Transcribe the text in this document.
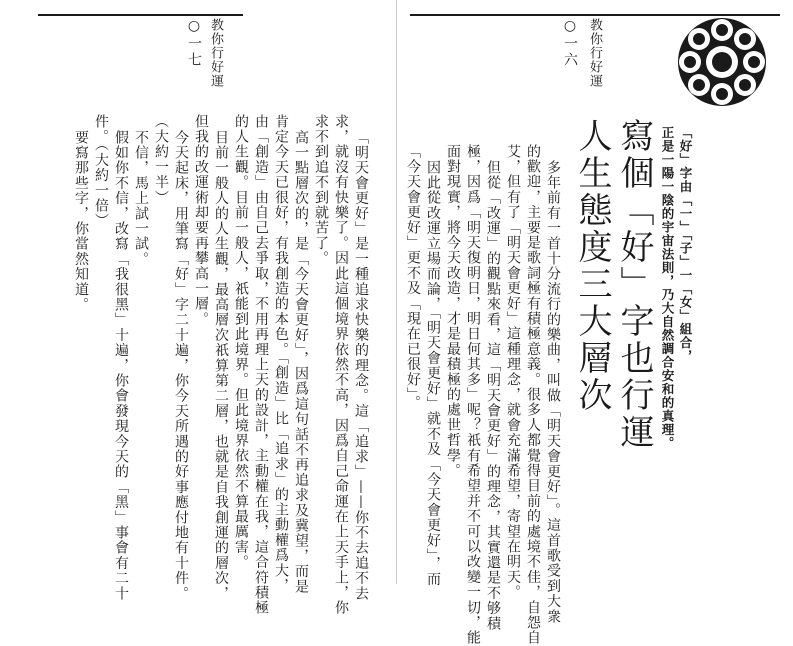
○一六 教你行好運
「好」字由「一」「子」一「女」組合，
正是一陽一陰的宇宙法則，乃大自然調合安和的真理。
寫個「好」字也行運
人生態度三大層次
多年前有一首十分流行的樂曲，叫做「明天會更好」。這首歌受到大衆
的歡迎，主要是歌詞極有積極意義。很多人都覺得目前的處境不佳，自怨自
艾，但有了「明天會更好」這種理念，就會充滿希望，寄望在明天。
但從「改運」的觀點來看，這「明天會更好」的理念，其實還是不够積
極，因爲「明天復明日，明日何其多」呢？祇有希望并不可以改變一切，能
面對現實，將今天改造，才是最積極的處世哲學。
因此從改運立場而論，「明天會更好」就不及「今天會更好」，而
「今天會更好」更不及「現在已很好」。
教你行好運
○一七
「明天會更好」是一種追求快樂的理念。這「追求」——你不去追不去
求，就沒有快樂了。因此這個境界依然不高，因爲自己命運在上天手上，你
求不到追不到就苦了。
高一點層次的，是「今天會更好」，因爲這句話不再追求及冀望，而是
肯定今天已很好，有我創造的本色。「創造」比「追求」的主動權爲大，
由「創造」由自己去爭取，不用再理上天的設計，主動權在我，這合符積極
的人生觀。目前一般人，祇能到此境界。但此境界依然不算最厲害。
目前一般人的人生觀，最高層次祇算第二層，也就是自我創運的層次，
但我的改運術却要再攀高一層。
今天起床，用筆寫「好」字二十遍，你今天所遇的好事應付地有十件。
（大約一半）
不信，馬上試一試。
假如你不信，改寫「我很黑」十遍，你會發現今天的「黑」事會有二十
件。（大約一倍）
要寫那些字，你當然知道。
